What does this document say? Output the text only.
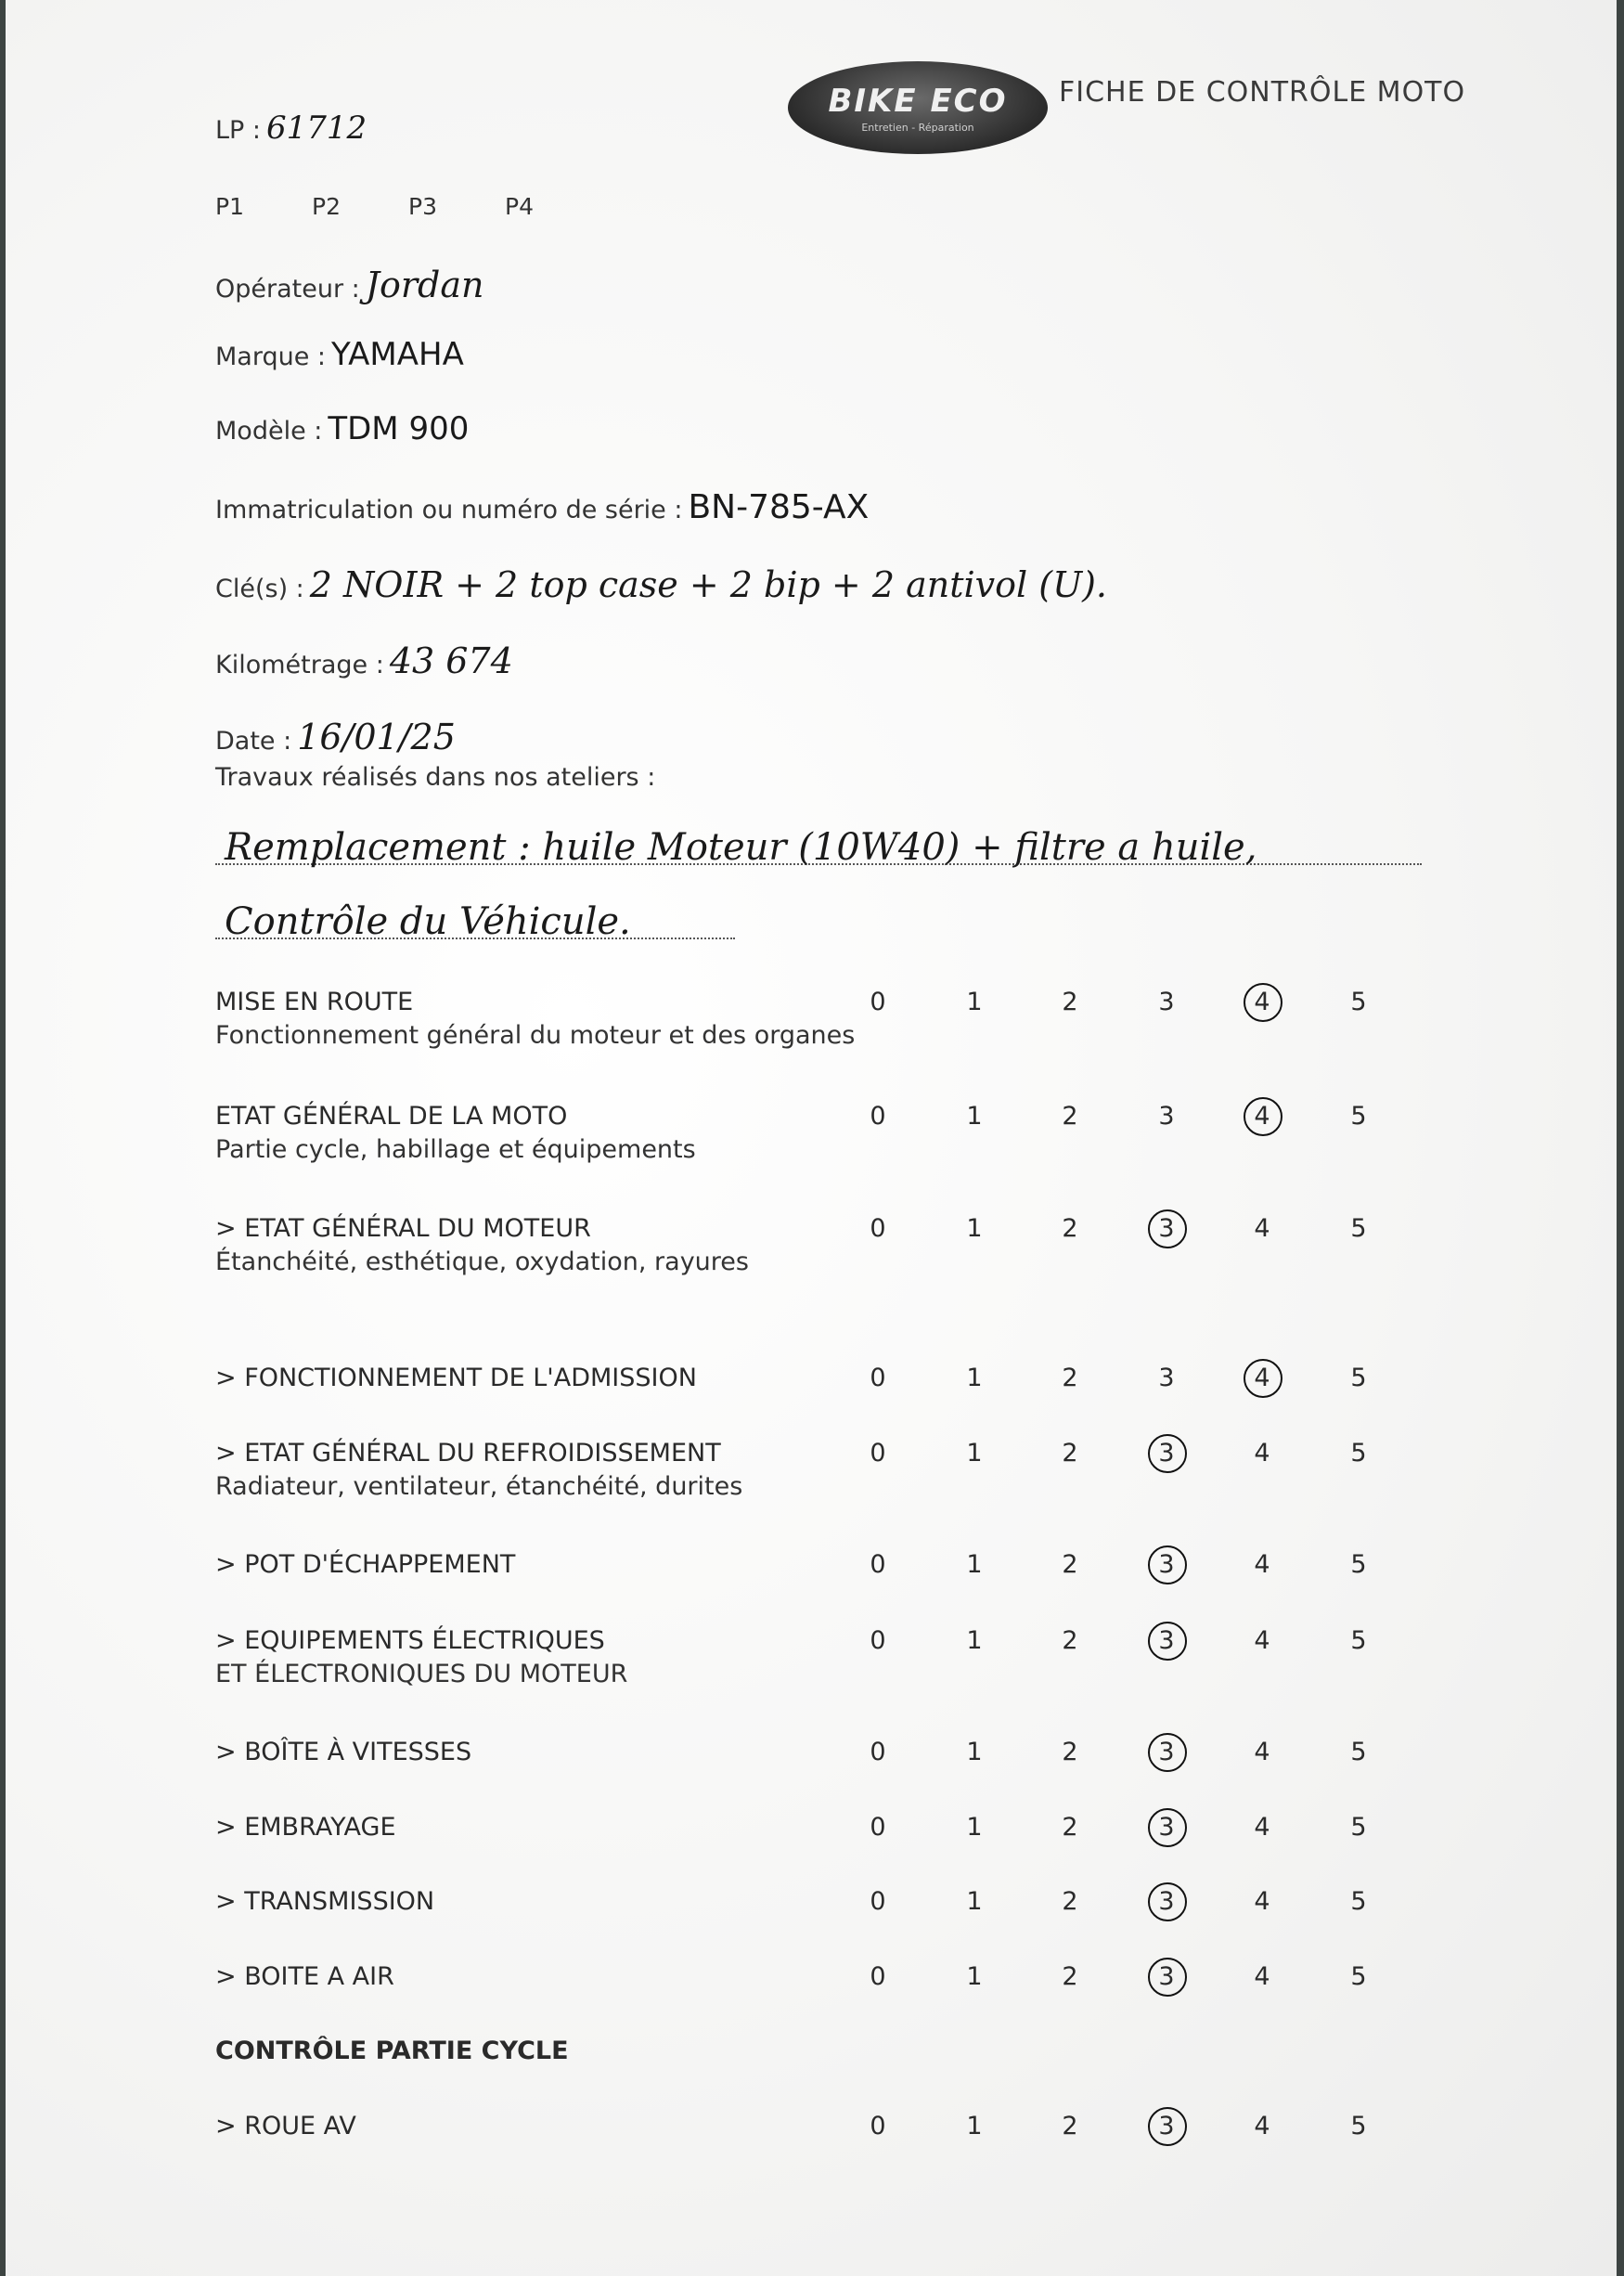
BIKE ECO
Entretien - Réparation
FICHE DE CONTRÔLE MOTO
LP : 61712
P1	P2	P3	P4
Opérateur : Jordan
Marque : YAMAHA
Modèle : TDM 900
Immatriculation ou numéro de série : BN-785-AX
Clé(s) : 2 NOIR + 2 top case + 2 bip + 2 antivol (U).
Kilométrage : 43 674
Date : 16/01/25
Travaux réalisés dans nos ateliers :
Remplacement : huile Moteur (10W40) + filtre a huile,
Contrôle du Véhicule.
MISE EN ROUTE
Fonctionnement général du moteur et des organes
0	1	2	3	4	5
ETAT GÉNÉRAL DE LA MOTO
Partie cycle, habillage et équipements
0	1	2	3	4	5
> ETAT GÉNÉRAL DU MOTEUR
Étanchéité, esthétique, oxydation, rayures
0	1	2	3	4	5
> FONCTIONNEMENT DE L'ADMISSION	0	1	2	3	4	5
> ETAT GÉNÉRAL DU REFROIDISSEMENT
Radiateur, ventilateur, étanchéité, durites
0	1	2	3	4	5
> POT D'ÉCHAPPEMENT	0	1	2	3	4	5
> EQUIPEMENTS ÉLECTRIQUES
ET ÉLECTRONIQUES DU MOTEUR
0	1	2	3	4	5
> BOÎTE À VITESSES	0	1	2	3	4	5
> EMBRAYAGE	0	1	2	3	4	5
> TRANSMISSION	0	1	2	3	4	5
> BOITE A AIR	0	1	2	3	4	5
CONTRÔLE PARTIE CYCLE
> ROUE AV	0	1	2	3	4	5
